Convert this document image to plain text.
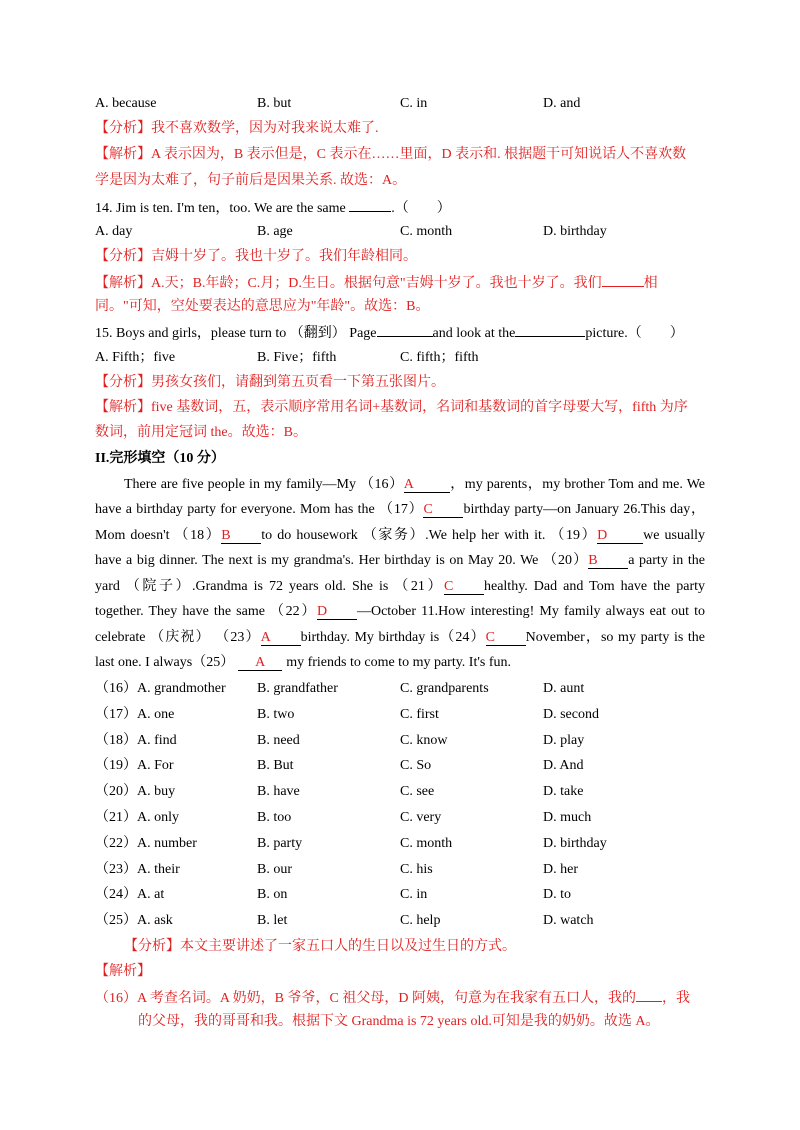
A. because	B. but	C. in	D. and
【分析】我不喜欢数学，因为对我来说太难了.
【解析】A 表示因为，B 表示但是，C 表示在……里面，D 表示和. 根据题干可知说话人不喜欢数
学是因为太难了，句子前后是因果关系. 故选：A。
14. Jim is ten. I'm ten，too. We are the same	.（　　）
A. day	B. age	C. month	D. birthday
【分析】吉姆十岁了。我也十岁了。我们年龄相同。
【解析】A.天；B.年龄；C.月；D.生日。根据句意"吉姆十岁了。我也十岁了。我们	相
同。"可知，空处要表达的意思应为"年龄"。故选：B。
15. Boys and girls，please turn to （翻到） Page	and look at the	picture.（　　）
A. Fifth；five	B. Five；fifth	C. fifth；fifth
【分析】男孩女孩们，请翻到第五页看一下第五张图片。
【解析】five 基数词，五，表示顺序常用名词+基数词，名词和基数词的首字母要大写，fifth 为序
数词，前用定冠词 the。故选：B。
II.完形填空（10 分）
There are five people in my family—My （16）A	，my parents，my brother Tom and me. We
have a birthday party for everyone. Mom has the （17）C birthday party—on January 26.This day，
Mom doesn't （18）B to do housework （家务）.We help her with it. （19）D	we usually
have a big dinner. The next is my grandma's. Her birthday is on May 20. We （20）B a party in the
yard （院子）.Grandma is 72 years old. She is （21）C healthy. Dad and Tom have the party
together. They have the same （22）D —October 11.How interesting! My family always eat out to
celebrate （庆祝） （23）A birthday. My birthday is（24）C November，so my party is the
last one. I always（25） A my friends to come to my party. It's fun.
（16）A. grandmother B. grandfather	C. grandparents	D. aunt
（17）A. one	B. two	C. first	D. second
（18）A. find	B. need	C. know	D. play
（19）A. For	B. But	C. So	D. And
（20）A. buy	B. have	C. see	D. take
（21）A. only	B. too	C. very	D. much
（22）A. number	B. party	C. month	D. birthday
（23）A. their	B. our	C. his	D. her
（24）A. at	B. on	C. in	D. to
（25）A. ask	B. let	C. help	D. watch
【分析】本文主要讲述了一家五口人的生日以及过生日的方式。
【解析】
（16）A 考查名词。A 奶奶，B 爷爷，C 祖父母，D 阿姨，句意为在我家有五口人，我的 ，我
的父母，我的哥哥和我。根据下文 Grandma is 72 years old.可知是我的奶奶。故选 A。
